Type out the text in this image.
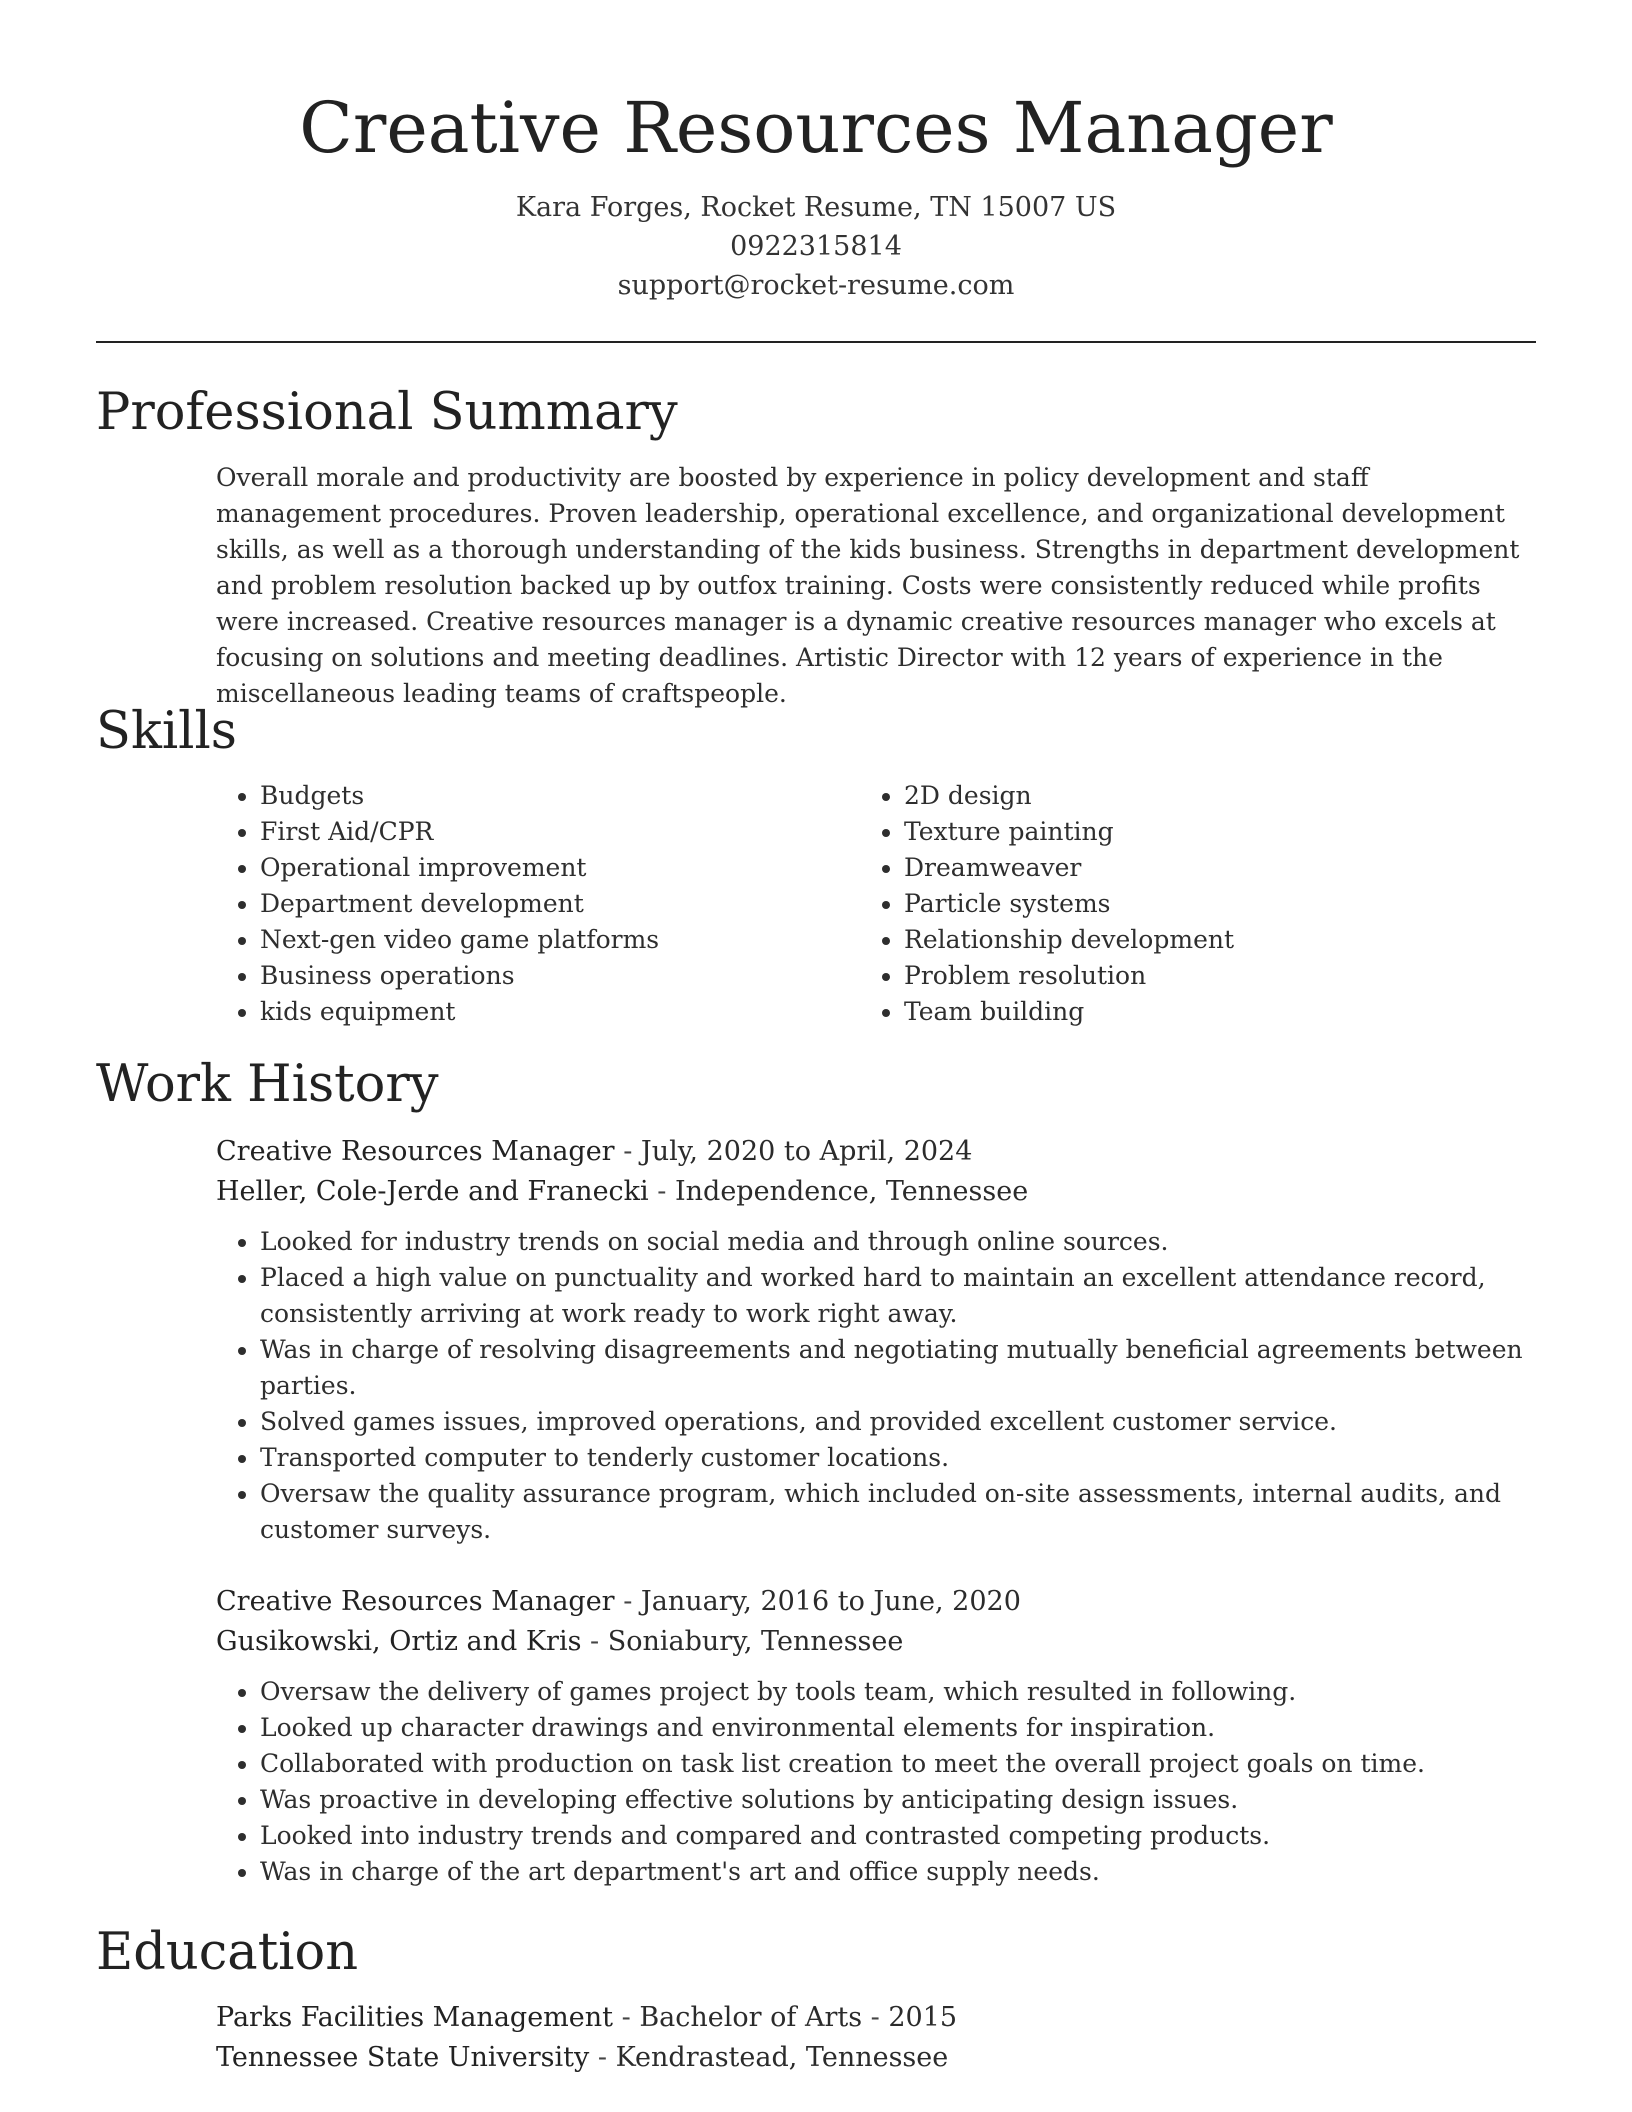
Creative Resources Manager
Kara Forges, Rocket Resume, TN 15007 US
0922315814
support@rocket-resume.com
Professional Summary
Overall morale and productivity are boosted by experience in policy development and staff management procedures. Proven leadership, operational excellence, and organizational development skills, as well as a thorough understanding of the kids business. Strengths in department development and problem resolution backed up by outfox training. Costs were consistently reduced while profits were increased. Creative resources manager is a dynamic creative resources manager who excels at focusing on solutions and meeting deadlines. Artistic Director with 12 years of experience in the miscellaneous leading teams of craftspeople.
Skills
• Budgets
• First Aid/CPR
• Operational improvement
• Department development
• Next-gen video game platforms
• Business operations
• kids equipment
• 2D design
• Texture painting
• Dreamweaver
• Particle systems
• Relationship development
• Problem resolution
• Team building
Work History
Creative Resources Manager - July, 2020 to April, 2024
Heller, Cole-Jerde and Franecki - Independence, Tennessee
• Looked for industry trends on social media and through online sources.
• Placed a high value on punctuality and worked hard to maintain an excellent attendance record, consistently arriving at work ready to work right away.
• Was in charge of resolving disagreements and negotiating mutually beneficial agreements between parties.
• Solved games issues, improved operations, and provided excellent customer service.
• Transported computer to tenderly customer locations.
• Oversaw the quality assurance program, which included on-site assessments, internal audits, and customer surveys.
Creative Resources Manager - January, 2016 to June, 2020
Gusikowski, Ortiz and Kris - Soniabury, Tennessee
• Oversaw the delivery of games project by tools team, which resulted in following.
• Looked up character drawings and environmental elements for inspiration.
• Collaborated with production on task list creation to meet the overall project goals on time.
• Was proactive in developing effective solutions by anticipating design issues.
• Looked into industry trends and compared and contrasted competing products.
• Was in charge of the art department's art and office supply needs.
Education
Parks Facilities Management - Bachelor of Arts - 2015
Tennessee State University - Kendrastead, Tennessee
